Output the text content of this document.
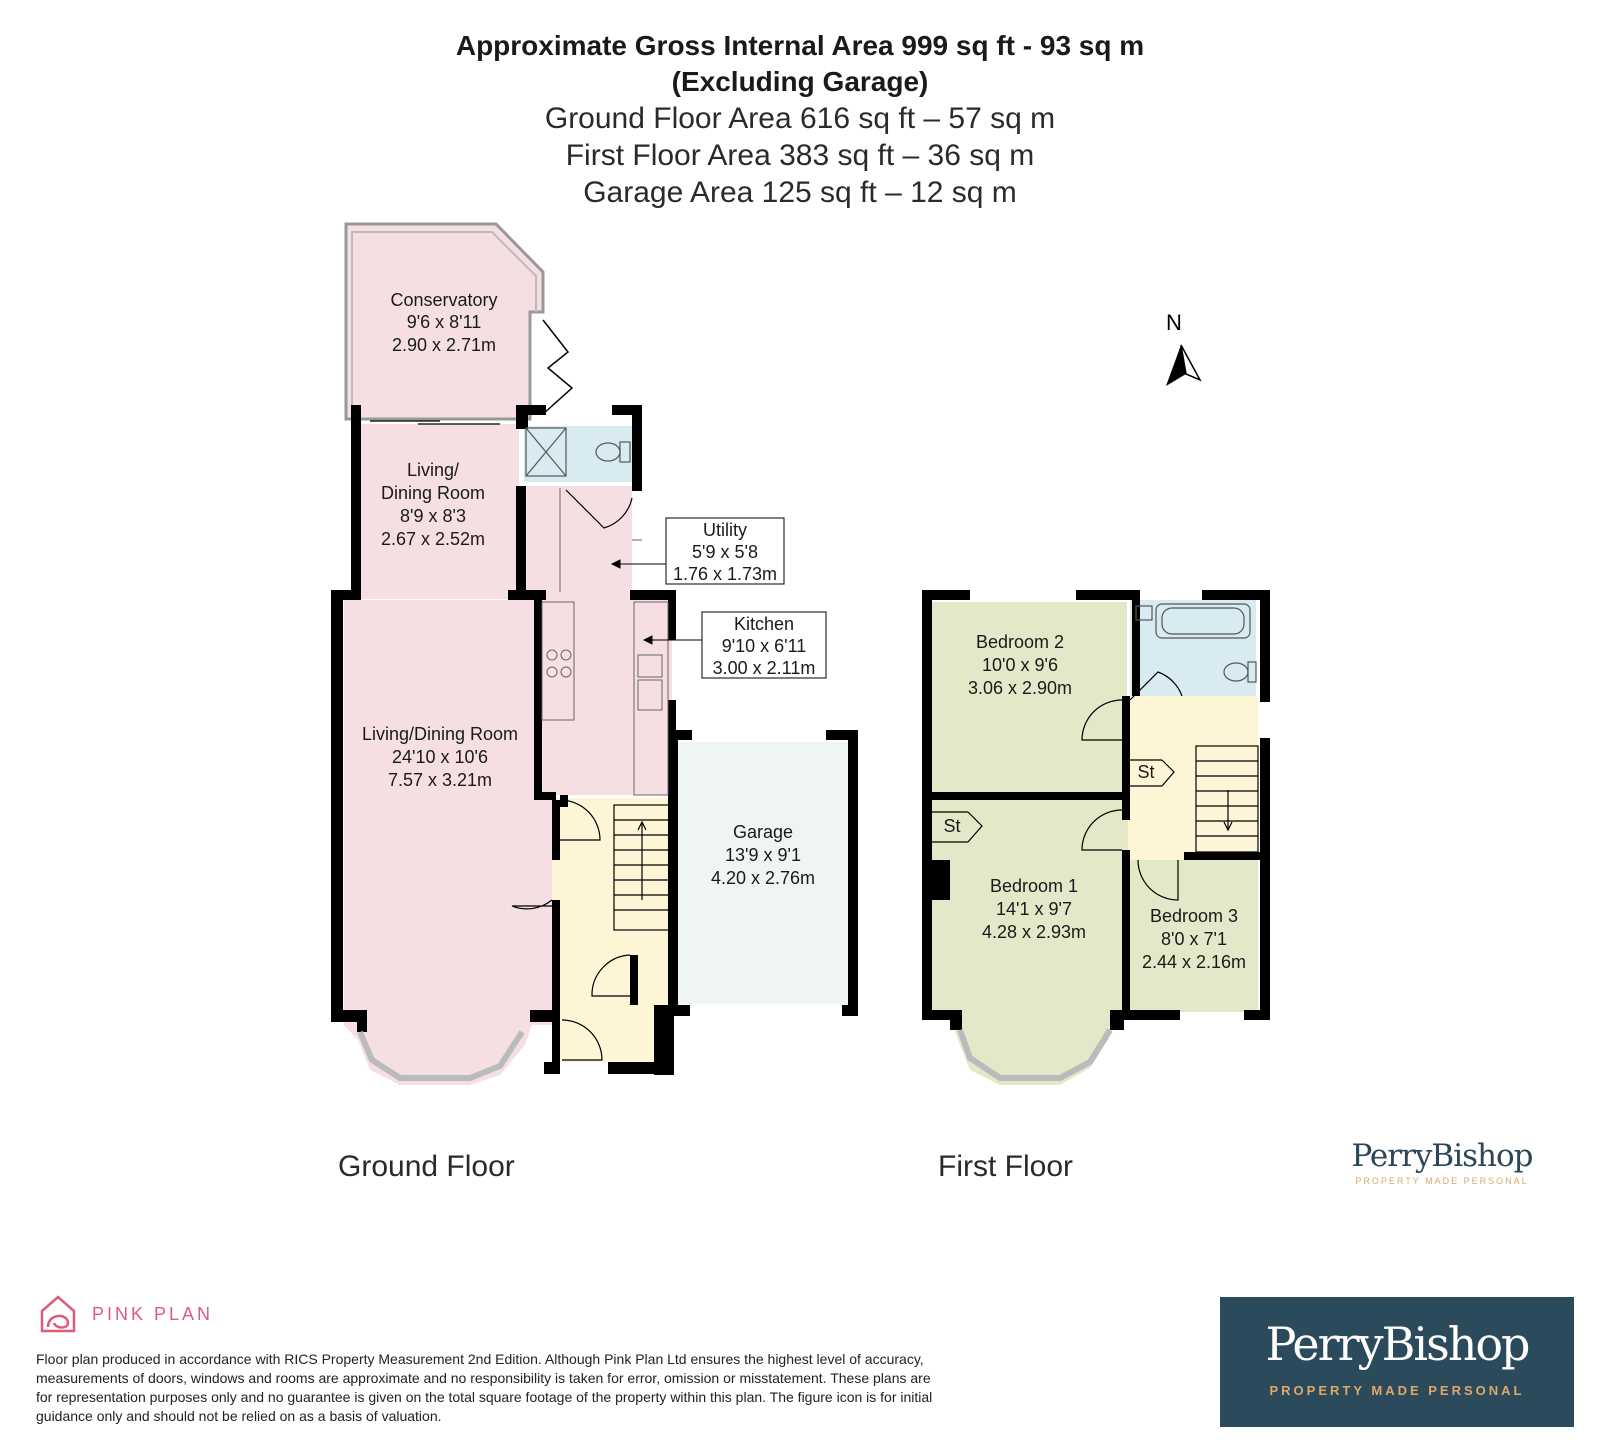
Approximate Gross Internal Area 999 sq ft - 93 sq m
(Excluding Garage)
Ground Floor Area 616 sq ft – 57 sq m
First Floor Area 383 sq ft – 36 sq m
Garage Area 125 sq ft – 12 sq m
Conservatory
9'6 x 8'11
2.90 x 2.71m
Living/
Dining Room
8'9 x 8'3
2.67 x 2.52m	Utility
5'9 x 5'8
1.76 x 1.73m
Kitchen
9'10 x 6'11
3.00 x 2.11m
Living/Dining Room
24'10 x 10'6
7.57 x 3.21m
Garage
13'9 x 9'1
4.20 x 2.76m
Bedroom 2
10'0 x 9'6
3.06 x 2.90m
Bedroom 1
14'1 x 9'7
4.28 x 2.93m
Bedroom 3
8'0 x 7'1
2.44 x 2.16m
St
St
N
Ground Floor	First Floor	PerryBishop
PROPERTY MADE PERSONAL
PINK PLAN
Floor plan produced in accordance with RICS Property Measurement 2nd Edition. Although Pink Plan Ltd ensures the highest level of accuracy, measurements of doors, windows and rooms are approximate and no responsibility is taken for error, omission or misstatement. These plans are for representation purposes only and no guarantee is given on the total square footage of the property within this plan. The figure icon is for initial guidance only and should not be relied on as a basis of valuation.
PerryBishop
PROPERTY MADE PERSONAL
